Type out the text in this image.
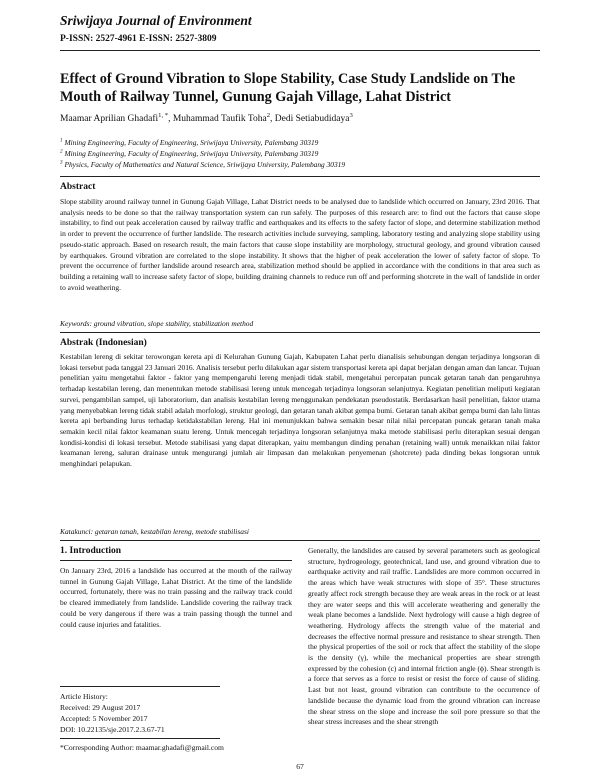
Sriwijaya Journal of Environment
P-ISSN: 2527-4961 E-ISSN: 2527-3809
Effect of Ground Vibration to Slope Stability, Case Study Landslide on The Mouth of Railway Tunnel, Gunung Gajah Village, Lahat District
Maamar Aprilian Ghadafi$^{1, *}$, Muhammad Taufik Toha$^2$, Dedi Setiabudidaya$^3$
$^1$ Mining Engineering, Faculty of Engineering, Sriwijaya University, Palembang 30319
$^2$ Mining Engineering, Faculty of Engineering, Sriwijaya University, Palembang 30319
$^3$ Physics, Faculty of Mathematics and Natural Science, Sriwijaya University, Palembang 30319
Abstract
Slope stability around railway tunnel in Gunung Gajah Village, Lahat District needs to be analysed due to landslide which occurred on January, 23rd 2016. That analysis needs to be done so that the railway transportation system can run safely. The purposes of this research are: to find out the factors that cause slope instability, to find out peak acceleration caused by railway traffic and earthquakes and its effects to the safety factor of slope, and determine stabilization method in order to prevent the occurrence of further landslide. The research activities include surveying, sampling, laboratory testing and analyzing slope stability using pseudo-static approach. Based on research result, the main factors that cause slope instability are morphology, structural geology, and ground vibration caused by earthquakes. Ground vibration are correlated to the slope instability. It shows that the higher of peak acceleration the lower of safety factor of slope. To prevent the occurrence of further landslide around research area, stabilization method should be applied in accordance with the conditions in that area such as building a retaining wall to increase safety factor of slope, building draining channels to reduce run off and performing shotcrete in the wall of landslide in order to avoid weathering.
Keywords: ground vibration, slope stability, stabilization method
Abstrak (Indonesian)
Kestabilan lereng di sekitar terowongan kereta api di Kelurahan Gunung Gajah, Kabupaten Lahat perlu dianalisis sehubungan dengan terjadinya longsoran di lokasi tersebut pada tanggal 23 Januari 2016. Analisis tersebut perlu dilakukan agar sistem transportasi kereta api dapat berjalan dengan aman dan lancar. Tujuan penelitian yaitu mengetahui faktor - faktor yang mempengaruhi lereng menjadi tidak stabil, mengetahui percepatan puncak getaran tanah dan pengaruhnya terhadap kestabilan lereng, dan menentukan metode stabilisasi lereng untuk mencegah terjadinya longsoran selanjutnya. Kegiatan penelitian meliputi kegiatan survei, pengambilan sampel, uji laboratorium, dan analisis kestabilan lereng menggunakan pendekatan pseudostatik. Berdasarkan hasil penelitian, faktor utama yang menyebabkan lereng tidak stabil adalah morfologi, struktur geologi, dan getaran tanah akibat gempa bumi. Getaran tanah akibat gempa bumi dan lalu lintas kereta api berbanding lurus terhadap ketidakstabilan lereng. Hal ini menunjukkan bahwa semakin besar nilai nilai percepatan puncak getaran tanah maka semakin kecil nilai faktor keamanan suatu lereng. Untuk mencegah terjadinya longsoran selanjutnya maka metode stabilisasi perlu diterapkan sesuai dengan kondisi-kondisi di lokasi tersebut. Metode stabilisasi yang dapat diterapkan, yaitu membangun dinding penahan (retaining wall) untuk menaikkan nilai faktor keamanan lereng, saluran drainase untuk mengurangi jumlah air limpasan dan melakukan penyemenan (shotcrete) pada dinding bekas longsoran untuk menghindari pelapukan.
Katakunci: getaran tanah, kestabilan lereng, metode stabilisasi
1. Introduction
On January 23rd, 2016 a landslide has occurred at the mouth of the railway tunnel in Gunung Gajah Village, Lahat District. At the time of the landslide occurred, fortunately, there was no train passing and the railway track could be cleared immediately from landslide. Landslide covering the railway track could be very dangerous if there was a train passing though the tunnel and could cause injuries and fatalities.
Generally, the landslides are caused by several parameters such as geological structure, hydrogeology, geotechnical, land use, and ground vibration due to earthquake activity and rail traffic. Landslides are more common occurred in the areas which have weak structures with slope of 35°. These structures greatly affect rock strength because they are weak areas in the rock or at least they are water seeps and this will accelerate weathering and generally the weak plane becomes a landslide. Next hydrology will cause a high degree of weathering. Hydrology affects the strength value of the material and decreases the effective normal pressure and resistance to shear strength. Then the physical properties of the soil or rock that affect the stability of the slope is the density (γ), while the mechanical properties are shear strength expressed by the cohesion (c) and internal friction angle (ϕ). Shear strength is a force that serves as a force to resist or resist the force of cause of sliding. Last but not least, ground vibration can contribute to the occurrence of landslide because the dynamic load from the ground vibration can increase the shear stress on the slope and increase the soil pore pressure so that the shear stress increases and the shear strength
Article History:
Received: 29 August 2017
Accepted: 5 November 2017
DOI: 10.22135/sje.2017.2.3.67-71
*Corresponding Author: maamar.ghadafi@gmail.com
67
